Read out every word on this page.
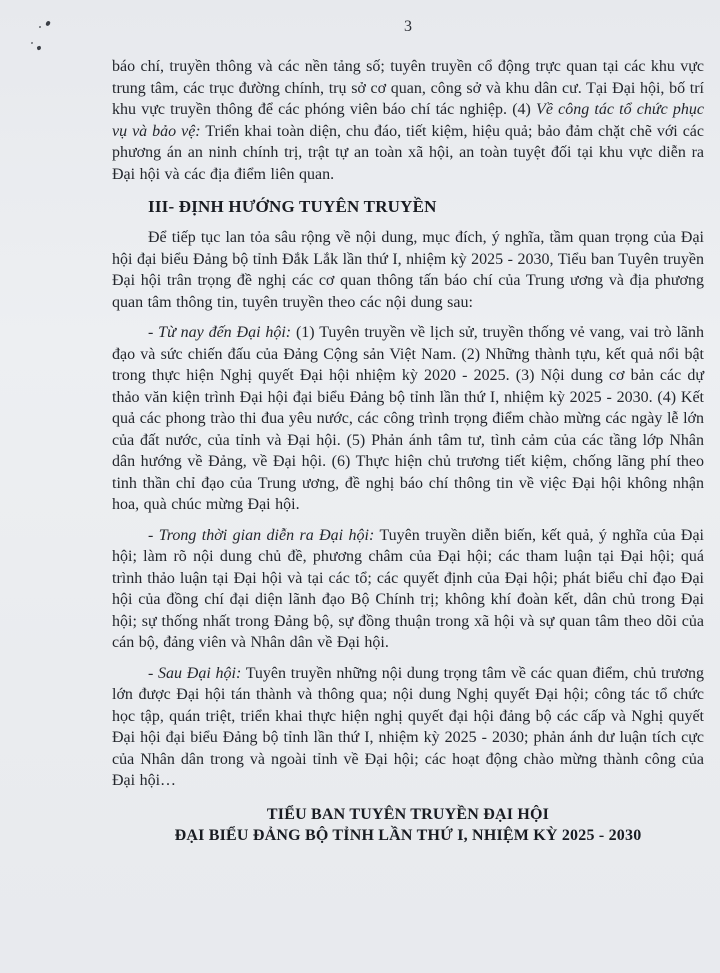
3

báo chí, truyền thông và các nền tảng số; tuyên truyền cổ động trực quan tại các khu vực trung tâm, các trục đường chính, trụ sở cơ quan, công sở và khu dân cư. Tại Đại hội, bố trí khu vực truyền thông để các phóng viên báo chí tác nghiệp. (4) Về công tác tổ chức phục vụ và bảo vệ: Triển khai toàn diện, chu đáo, tiết kiệm, hiệu quả; bảo đảm chặt chẽ với các phương án an ninh chính trị, trật tự an toàn xã hội, an toàn tuyệt đối tại khu vực diễn ra Đại hội và các địa điểm liên quan.

III- ĐỊNH HƯỚNG TUYÊN TRUYỀN

Để tiếp tục lan tỏa sâu rộng về nội dung, mục đích, ý nghĩa, tầm quan trọng của Đại hội đại biểu Đảng bộ tỉnh Đắk Lắk lần thứ I, nhiệm kỳ 2025 - 2030, Tiểu ban Tuyên truyền Đại hội trân trọng đề nghị các cơ quan thông tấn báo chí của Trung ương và địa phương quan tâm thông tin, tuyên truyền theo các nội dung sau:

- Từ nay đến Đại hội: (1) Tuyên truyền về lịch sử, truyền thống vẻ vang, vai trò lãnh đạo và sức chiến đấu của Đảng Cộng sản Việt Nam. (2) Những thành tựu, kết quả nổi bật trong thực hiện Nghị quyết Đại hội nhiệm kỳ 2020 - 2025. (3) Nội dung cơ bản các dự thảo văn kiện trình Đại hội đại biểu Đảng bộ tỉnh lần thứ I, nhiệm kỳ 2025 - 2030. (4) Kết quả các phong trào thi đua yêu nước, các công trình trọng điểm chào mừng các ngày lễ lớn của đất nước, của tỉnh và Đại hội. (5) Phản ánh tâm tư, tình cảm của các tầng lớp Nhân dân hướng về Đảng, về Đại hội. (6) Thực hiện chủ trương tiết kiệm, chống lãng phí theo tinh thần chỉ đạo của Trung ương, đề nghị báo chí thông tin về việc Đại hội không nhận hoa, quà chúc mừng Đại hội.

- Trong thời gian diễn ra Đại hội: Tuyên truyền diễn biến, kết quả, ý nghĩa của Đại hội; làm rõ nội dung chủ đề, phương châm của Đại hội; các tham luận tại Đại hội; quá trình thảo luận tại Đại hội và tại các tổ; các quyết định của Đại hội; phát biểu chỉ đạo Đại hội của đồng chí đại diện lãnh đạo Bộ Chính trị; không khí đoàn kết, dân chủ trong Đại hội; sự thống nhất trong Đảng bộ, sự đồng thuận trong xã hội và sự quan tâm theo dõi của cán bộ, đảng viên và Nhân dân về Đại hội.

- Sau Đại hội: Tuyên truyền những nội dung trọng tâm về các quan điểm, chủ trương lớn được Đại hội tán thành và thông qua; nội dung Nghị quyết Đại hội; công tác tổ chức học tập, quán triệt, triển khai thực hiện nghị quyết đại hội đảng bộ các cấp và Nghị quyết Đại hội đại biểu Đảng bộ tỉnh lần thứ I, nhiệm kỳ 2025 - 2030; phản ánh dư luận tích cực của Nhân dân trong và ngoài tỉnh về Đại hội; các hoạt động chào mừng thành công của Đại hội…

TIỂU BAN TUYÊN TRUYỀN ĐẠI HỘI
ĐẠI BIỂU ĐẢNG BỘ TỈNH LẦN THỨ I, NHIỆM KỲ 2025 - 2030
